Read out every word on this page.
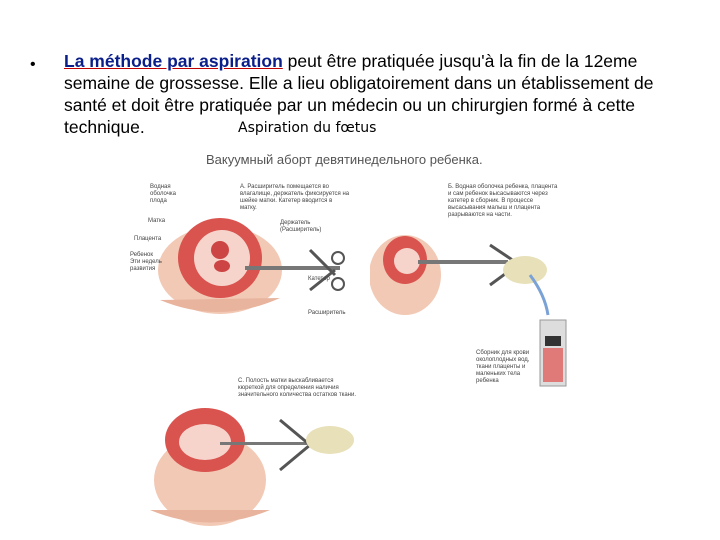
• La méthode par aspiration peut être pratiquée jusqu'à la fin de la 12eme semaine de grossesse. Elle a lieu obligatoirement dans un établissement de santé et doit être pratiquée par un médecin ou un chirurgien formé à cette technique.	Aspiration du fœtus
Вакуумный аборт девятинедельного ребенка.
Водная оболочка плода
Матка
Плацента
Ребенок Эти недель развития
А. Расширитель помещается во влагалище, держатель фиксируется на шейке матки. Катетер вводится в матку.
Держатель (Расширитель)
Катетер
Расширитель
Б. Водная оболочка ребенка, плацента и сам ребенок высасываются через катетер в сборник. В процессе высасывания малыш и плацента разрываются на части.
Сборник для крови околоплодных вод, ткани плаценты и маленьких тела ребенка
С. Полость матки выскабливается кюреткой для определения наличия значительного количества остатков ткани.
